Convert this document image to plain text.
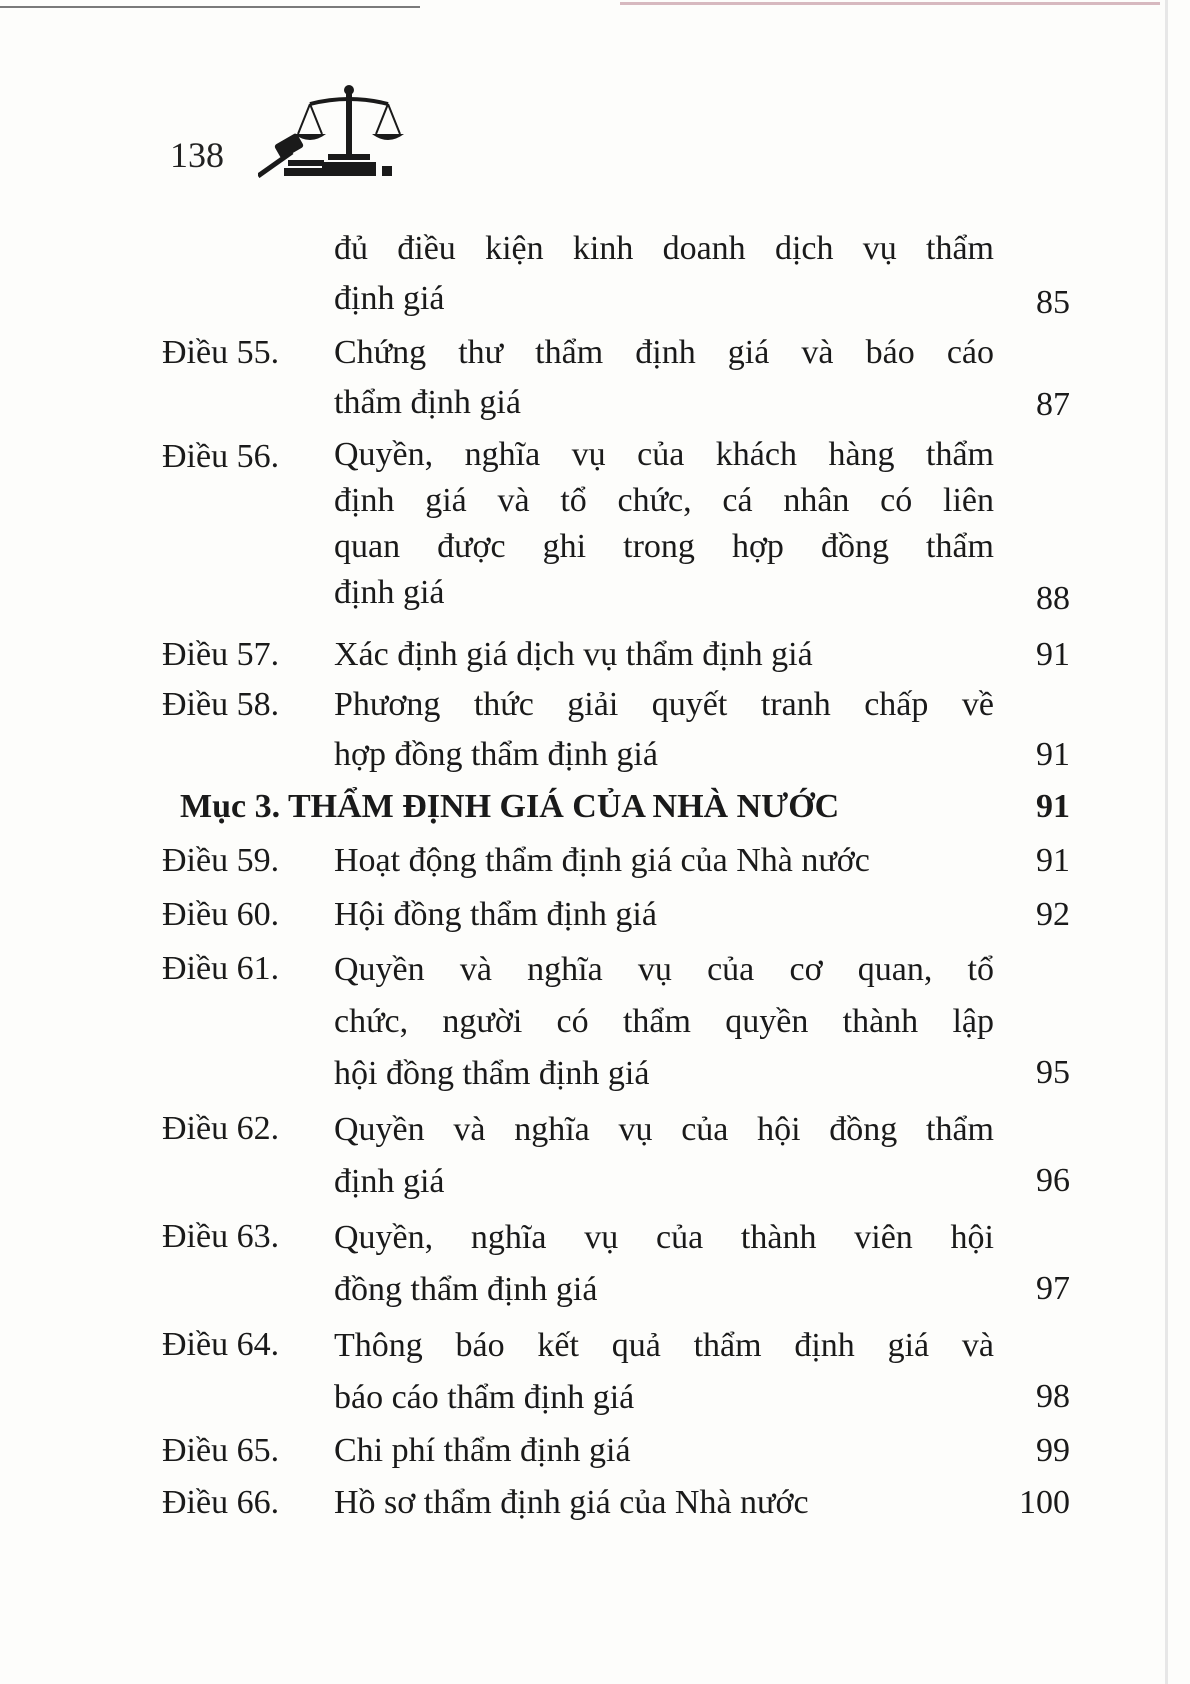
138
đủ điều kiện kinh doanh dịch vụ thẩm
định giá	85
Điều 55. Chứng thư thẩm định giá và báo cáo
thẩm định giá	87
Điều 56. Quyền, nghĩa vụ của khách hàng thẩm
định giá và tổ chức, cá nhân có liên
quan được ghi trong hợp đồng thẩm
định giá	88
Điều 57. Xác định giá dịch vụ thẩm định giá	91
Điều 58. Phương thức giải quyết tranh chấp về
hợp đồng thẩm định giá	91
Mục 3. THẨM ĐỊNH GIÁ CỦA NHÀ NƯỚC	91
Điều 59. Hoạt động thẩm định giá của Nhà nước	91
Điều 60. Hội đồng thẩm định giá	92
Điều 61. Quyền và nghĩa vụ của cơ quan, tổ
chức, người có thẩm quyền thành lập
hội đồng thẩm định giá	95
Điều 62. Quyền và nghĩa vụ của hội đồng thẩm
định giá	96
Điều 63. Quyền, nghĩa vụ của thành viên hội
đồng thẩm định giá	97
Điều 64. Thông báo kết quả thẩm định giá và
báo cáo thẩm định giá	98
Điều 65. Chi phí thẩm định giá	99
Điều 66. Hồ sơ thẩm định giá của Nhà nước	100
